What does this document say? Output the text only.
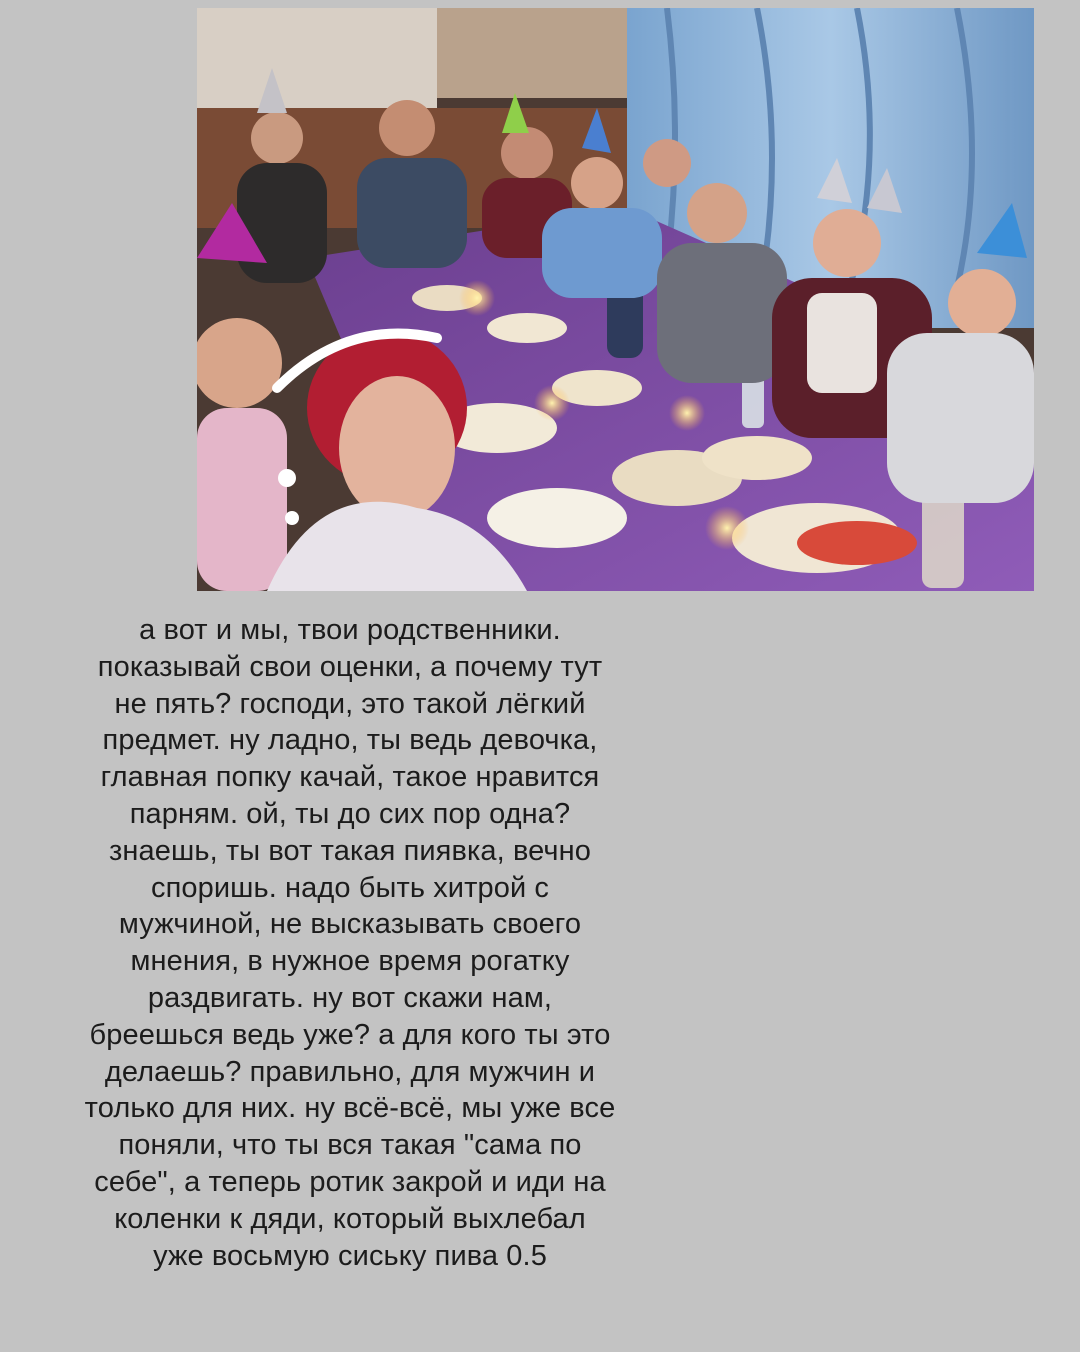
а вот и мы, твои родственники.
показывай свои оценки, а почему тут
не пять? господи, это такой лёгкий
предмет. ну ладно, ты ведь девочка,
главная попку качай, такое нравится
парням. ой, ты до сих пор одна?
знаешь, ты вот такая пиявка, вечно
споришь. надо быть хитрой с
мужчиной, не высказывать своего
мнения, в нужное время рогатку
раздвигать. ну вот скажи нам,
бреешься ведь уже? а для кого ты это
делаешь? правильно, для мужчин и
только для них. ну всё-всё, мы уже все
поняли, что ты вся такая "сама по
себе", а теперь ротик закрой и иди на
коленки к дяди, который выхлебал
уже восьмую сиську пива 0.5
